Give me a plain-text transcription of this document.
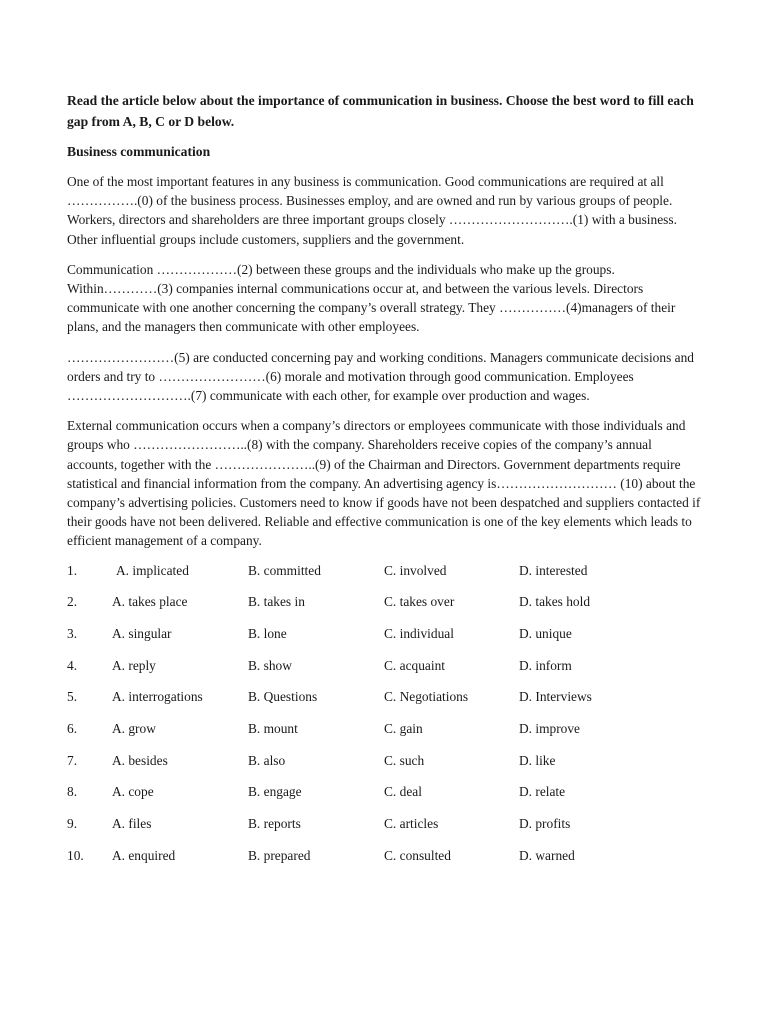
Read the article below about the importance of communication in business. Choose the best word to fill each gap from A, B, C or D below.

Business communication

One of the most important features in any business is communication. Good communications are required at all …………….(0) of the business process. Businesses employ, and are owned and run by various groups of people. Workers, directors and shareholders are three important groups closely ……………………….(1) with a business. Other influential groups include customers, suppliers and the government.

Communication ………………(2) between these groups and the individuals who make up the groups. Within…………(3) companies internal communications occur at, and between the various levels. Directors communicate with one another concerning the company’s overall strategy. They ……………(4)managers of their plans, and the managers then communicate with other employees.

……………………(5) are conducted concerning pay and working conditions. Managers communicate decisions and orders and try to ……………………(6) morale and motivation through good communication. Employees ……………………….(7) communicate with each other, for example over production and wages.

External communication occurs when a company’s directors or employees communicate with those individuals and groups who ……………………..(8) with the company. Shareholders receive copies of the company’s annual accounts, together with the …………………..(9) of the Chairman and Directors. Government departments require statistical and financial information from the company. An advertising agency is……………………… (10) about the company’s advertising policies. Customers need to know if goods have not been despatched and suppliers contacted if their goods have not been delivered. Reliable and effective communication is one of the key elements which leads to efficient management of a company.

1.	A. implicated	B. committed	C. involved	D. interested
2.	A. takes place	B. takes in	C. takes over	D. takes hold
3.	A. singular	B. lone	C. individual	D. unique
4.	A. reply	B. show	C. acquaint	D. inform
5.	A. interrogations	B. Questions	C. Negotiations	D. Interviews
6.	A. grow	B. mount	C. gain	D. improve
7.	A. besides	B. also	C. such	D. like
8.	A. cope	B. engage	C. deal	D. relate
9.	A. files	B. reports	C. articles	D. profits
10. A. enquired	B. prepared	C. consulted	D. warned
